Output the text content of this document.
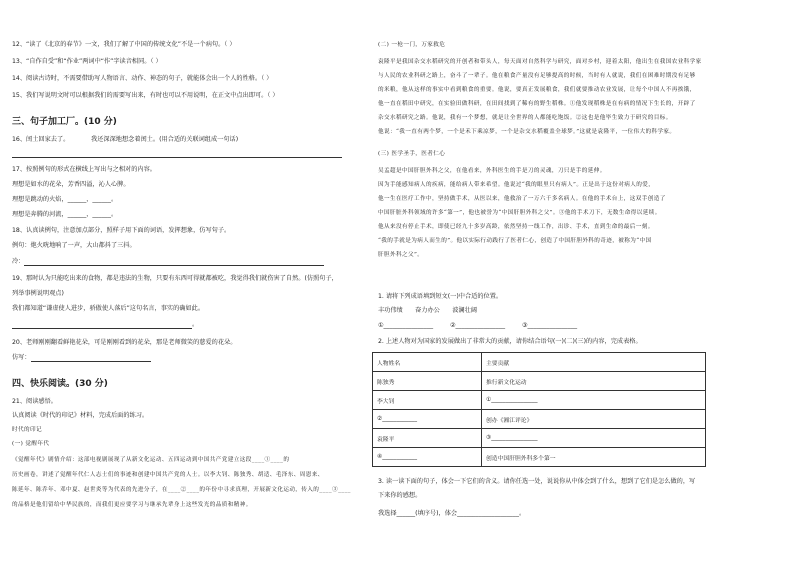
12、“读了《北京的春节》一文，我们了解了中国的传统文化”不是一个病句。（ ）
13、“自作自受”和“作业”两词中“作”字读音相同。（ ）
14、阅读古诗时，不需要借助写人物语言、动作、神态的句子，就能体会出一个人的性格。（ ）
15、我们写说明文时可以根据我们的需要写出来，有时也可以不用说明，在正文中点出即可。（ ）
三、句子加工厂。(10 分)
16、闰土回家去了。　　　　我还深深地想念着闰土。(用合适的关联词组成一句话)
17、按照例句的形式在横线上写出与之相对的内容。
理想是如水的花朵，芳香四溢，沁人心脾。
理想是跳动的火焰，______，______。
理想是奔腾的河流，______，______。
18、认真读例句，注意加点部分，照样子用下面的词语，发挥想象，仿写句子。
例句：炮火咣地响了一声，大山都抖了三抖。
冷：
19、那时认为只能吃出来的食物，都是违法的生物，只要有东西可得就都被吃，我觉得我们就伤害了自然。(仿照句子，
列举事例说明观点)
我们都知道“谦虚使人进步，骄傲使人落后”这句名言，事实的确如此。
。
20、老师刚刚翻看鲜艳花朵，可是刚刚看到的花朵，那是老师微笑的慈爱的花朵。
仿写：
四、快乐阅读。(30 分)
21、阅读感悟。
认真阅读《时代的印记》材料，完成后面的练习。
时代的印记
(一) 觉醒年代
《觉醒年代》剧情介绍：这部电视剧展现了从新文化运动、五四运动到中国共产党建立这段____①____的
历史画卷，讲述了觉醒年代仁人志士们的事迹和创建中国共产党的人士。以李大钊、陈独秀、胡适、毛泽东、周恩来、
陈延年、陈乔年、邓中夏、赵世炎等为代表的先进分子，在____②____的年份中寻求真理，开展新文化运动，传入的____③____
的品格是他们留给中华民族的，而我们更应要学习与继承先辈身上这些发光的品质和精神。
(二) 一枪一门，万家救危
袁隆平是我国杂交水稻研究的开创者和带头人，每天面对自然科学与研究，面对乡村，迎着太阳，他出生在我国农业科学家
与人民的农业科研之路上，奋斗了一辈子。他在粮食产量没有足够提高的时候，当时有人就说，我们在困难时期没有足够
的米粮，他从这样的事实中看到粮食的重要。他说，要真正发展粮食，我们就要推动农业发展，让每个中国人不再挨饿，
他一直在稻田中研究，在实验田做科研，在田间找到了稀有的野生稻株。①他发现稻株是在有病的情况下生长的，开辟了
杂交水稻研究之路。他说，我有一个梦想，就是让全世界的人都能吃饱饭。②这也是他毕生致力于研究的目标。
他说：“我一直有两个梦，一个是禾下乘凉梦，一个是杂交水稻覆盖全球梦。”这就是袁隆平，一位伟大的科学家。
(三) 医学圣手，医者仁心
吴孟超是中国肝胆外科之父，在他看来，外科医生的手是刀的灵魂，刀只是手的延伸。
因为手能感知病人的疾病，能给病人带来希望。他说过“我的眼里只有病人”。正是出于这份对病人的爱，
他一生在医疗工作中，坚持做手术，从医以来，他救治了一万六千多名病人。在他的手术台上，这双手创造了
中国肝脏外科领域的许多“第一”，他也被誉为“中国肝胆外科之父”。③他的手术刀下，无数生命得以延续。
他从来没有停止手术，即使已经九十多岁高龄，依然坚持一线工作，出诊、手术，直到生命的最后一刻。
“我的手就是为病人而生的”。他以实际行动践行了医者仁心，创造了中国肝胆外科的奇迹，被称为“中国
肝胆外科之父”。
1. 请将下列成语填到短文(一)中合适的位置。
丰功伟绩　　奋力办公　　波澜壮阔
①________________	②________________	③________________
2. 上述人物对为国家的发展做出了非常大的贡献，请你结合语句(一)(二)(三)的内容，完成表格。
人物姓名	主要贡献
陈独秀	推行新文化运动
李大钊	①________________
②____________	创办《湘江评论》
袁隆平	③________________
④____________	创造中国肝胆外科多个第一
3. 读一读下面的句子，体会一下它们的含义。请你任选一处，说说你从中体会到了什么，想到了它们是怎么做的，写
下来你的感想。
我选择______(填序号)，体会____________________。
